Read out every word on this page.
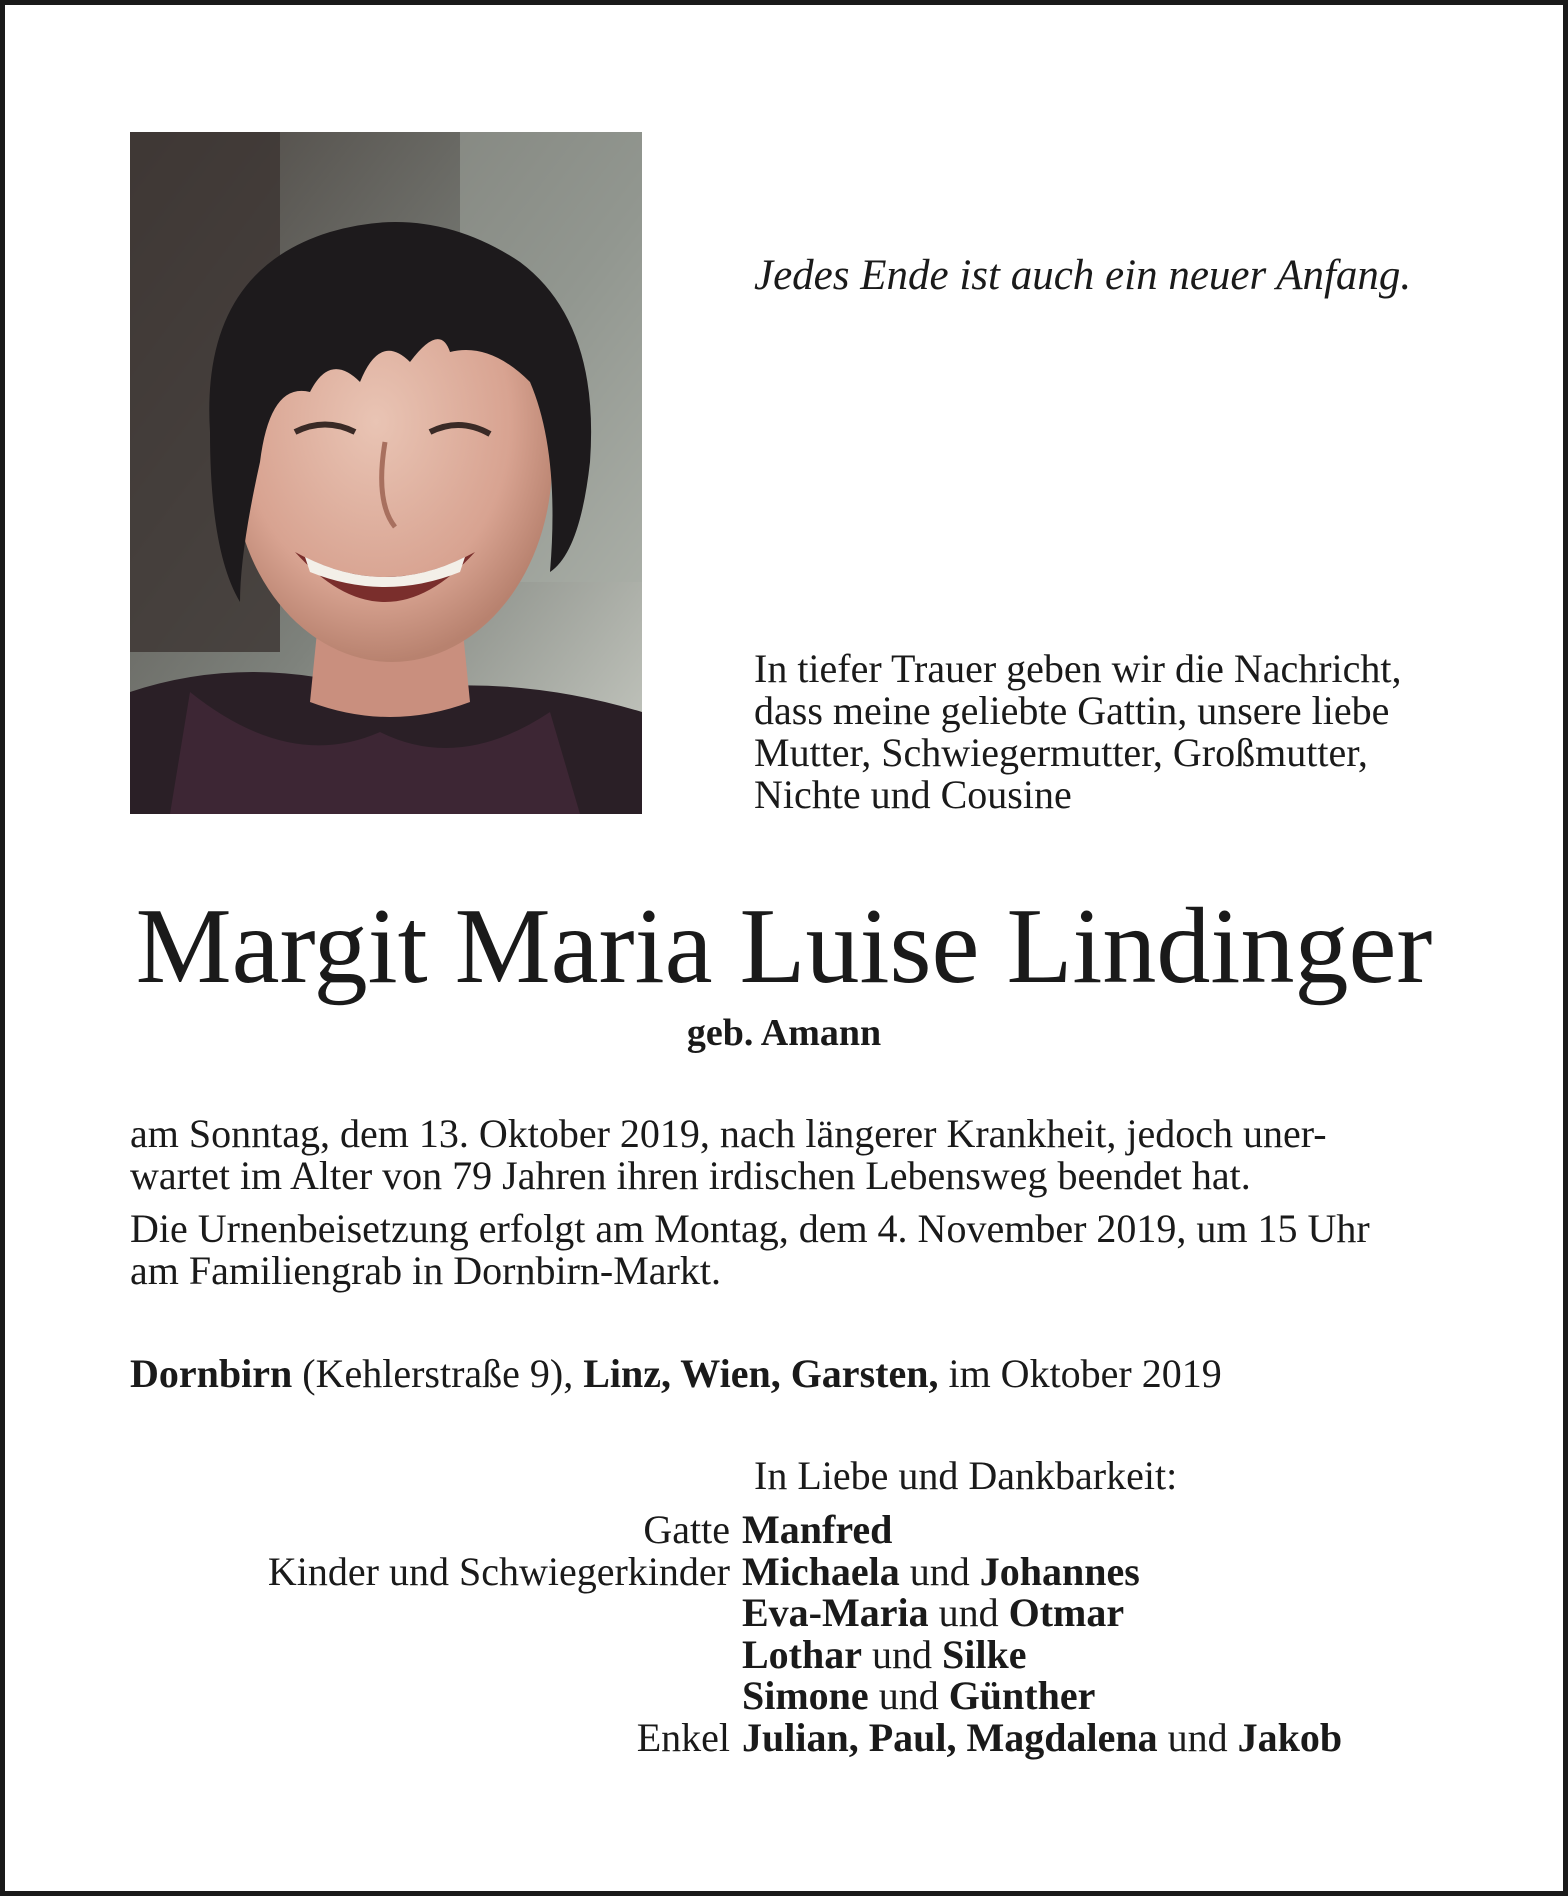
Jedes Ende ist auch ein neuer Anfang.
In tiefer Trauer geben wir die Nachricht,
dass meine geliebte Gattin, unsere liebe
Mutter, Schwiegermutter, Großmutter,
Nichte und Cousine
Margit Maria Luise Lindinger
geb. Amann
am Sonntag, dem 13. Oktober 2019, nach längerer Krankheit, jedoch uner-
wartet im Alter von 79 Jahren ihren irdischen Lebensweg beendet hat.
Die Urnenbeisetzung erfolgt am Montag, dem 4. November 2019, um 15 Uhr
am Familiengrab in Dornbirn-Markt.
Dornbirn (Kehlerstraße 9), Linz, Wien, Garsten, im Oktober 2019
In Liebe und Dankbarkeit:
Gatte Manfred
Kinder und Schwiegerkinder Michaela und Johannes
Eva-Maria und Otmar
Lothar und Silke
Simone und Günther
Enkel Julian, Paul, Magdalena und Jakob
